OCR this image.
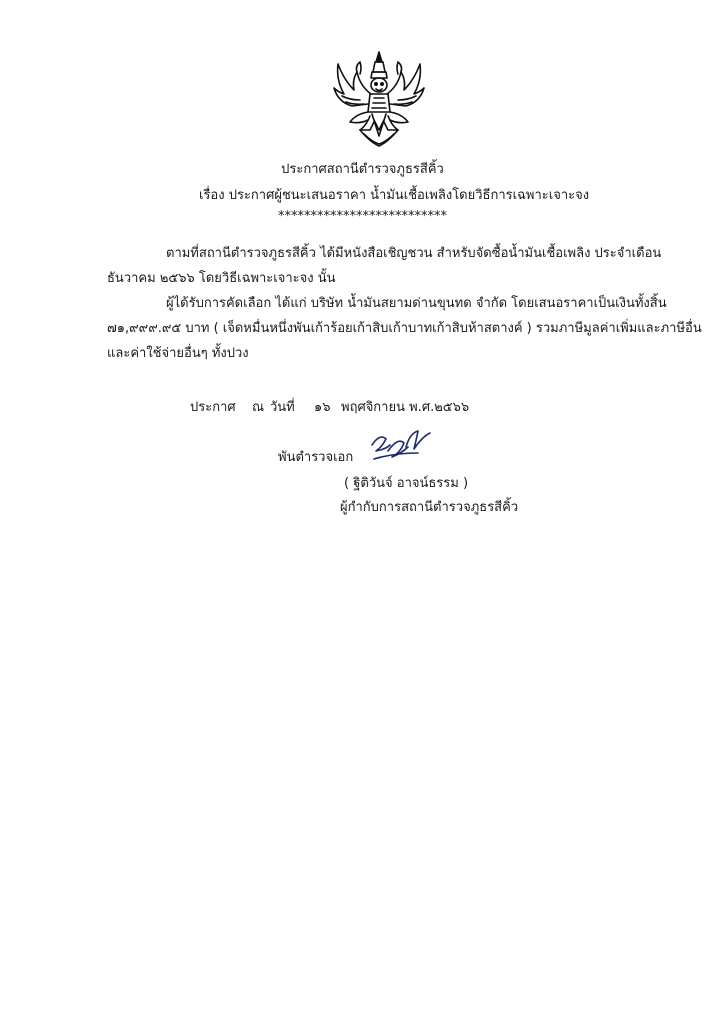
ประกาศสถานีตำรวจภูธรสีคิ้ว
เรื่อง ประกาศผู้ชนะเสนอราคา น้ำมันเชื้อเพลิงโดยวิธีการเฉพาะเจาะจง
**************************
ตามที่สถานีตำรวจภูธรสีคิ้ว ได้มีหนังสือเชิญชวน สำหรับจัดซื้อน้ำมันเชื้อเพลิง ประจำเดือน
ธันวาคม ๒๕๖๖ โดยวิธีเฉพาะเจาะจง นั้น
ผู้ได้รับการคัดเลือก ได้แก่ บริษัท น้ำมันสยามด่านขุนทด จำกัด โดยเสนอราคาเป็นเงินทั้งสิ้น
๗๑,๙๙๙.๙๕ บาท ( เจ็ดหมื่นหนึ่งพันเก้าร้อยเก้าสิบเก้าบาทเก้าสิบห้าสตางค์ ) รวมภาษีมูลค่าเพิ่มและภาษีอื่น
และค่าใช้จ่ายอื่นๆ ทั้งปวง
ประกาศ ณ วันที่ ๑๖ พฤศจิกายน พ.ศ.๒๕๖๖
พันตำรวจเอก
( ฐิติวันจ์ อาจน์ธรรม )
ผู้กำกับการสถานีตำรวจภูธรสีคิ้ว
